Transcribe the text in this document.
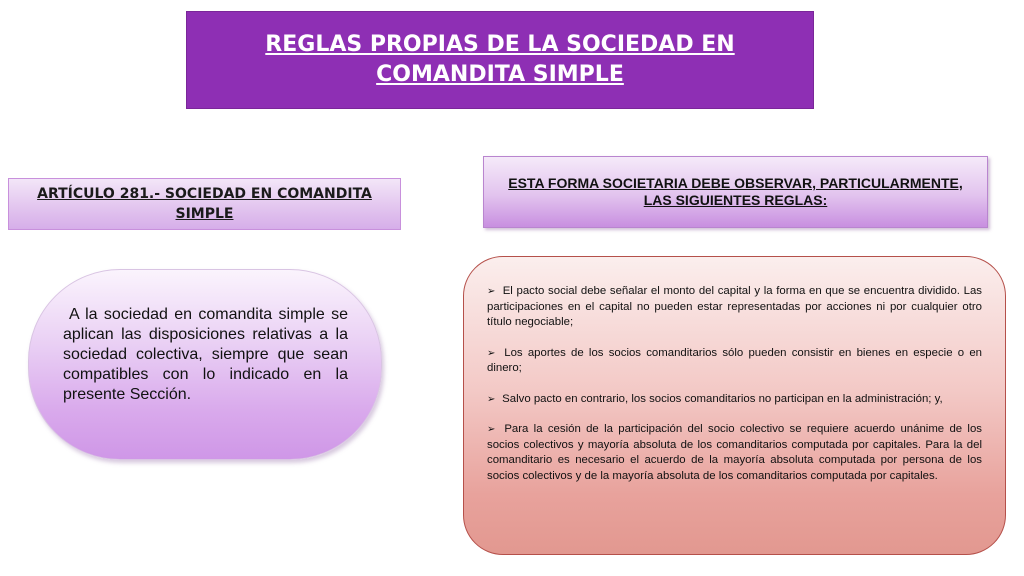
REGLAS PROPIAS DE LA SOCIEDAD EN COMANDITA SIMPLE
ARTÍCULO 281.- SOCIEDAD EN COMANDITA SIMPLE
ESTA FORMA SOCIETARIA DEBE OBSERVAR, PARTICULARMENTE, LAS SIGUIENTES REGLAS:
A la sociedad en comandita simple se aplican las disposiciones relativas a la sociedad colectiva, siempre que sean compatibles con lo indicado en la presente Sección.
➢ El pacto social debe señalar el monto del capital y la forma en que se encuentra dividido. Las participaciones en el capital no pueden estar representadas por acciones ni por cualquier otro título negociable;
➢ Los aportes de los socios comanditarios sólo pueden consistir en bienes en especie o en dinero;
➢ Salvo pacto en contrario, los socios comanditarios no participan en la administración; y,
➢ Para la cesión de la participación del socio colectivo se requiere acuerdo unánime de los socios colectivos y mayoría absoluta de los comanditarios computada por capitales. Para la del comanditario es necesario el acuerdo de la mayoría absoluta computada por persona de los socios colectivos y de la mayoría absoluta de los comanditarios computada por capitales.
